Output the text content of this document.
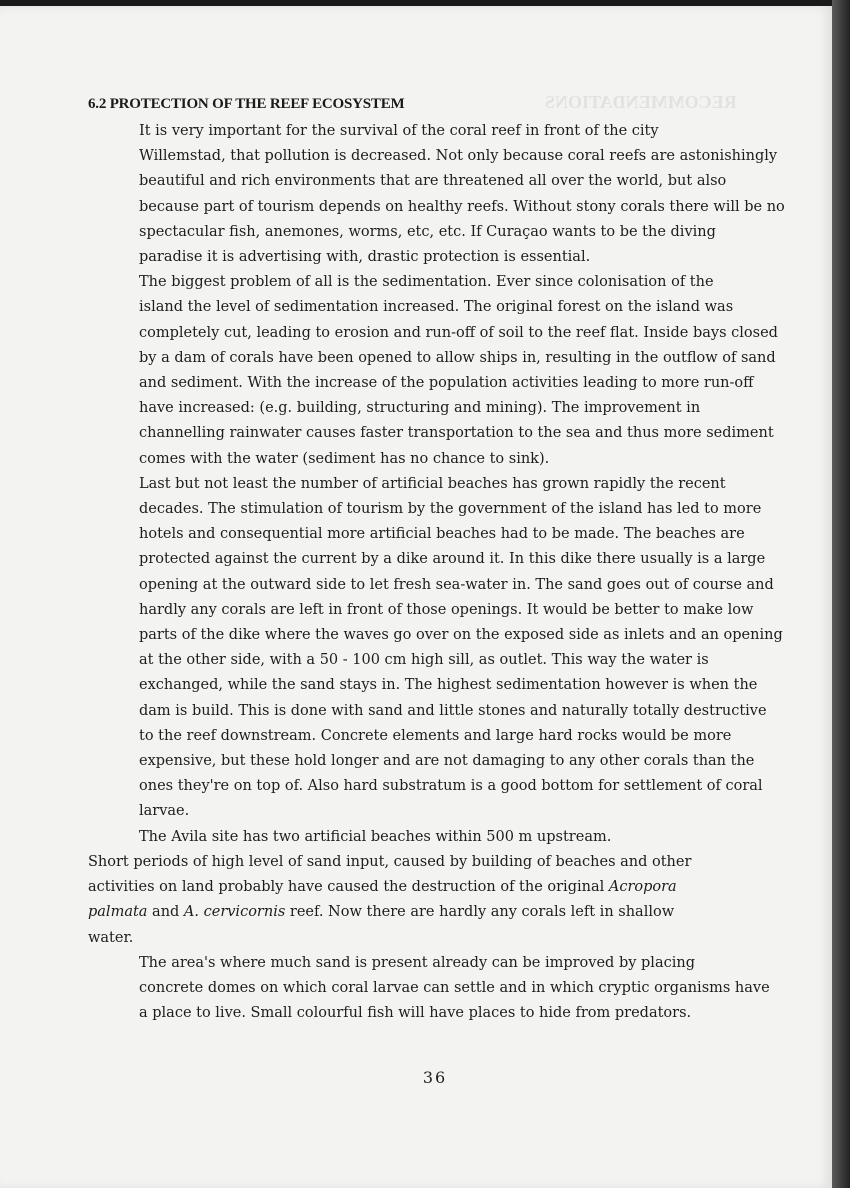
RECOMMENDATIONS
6.2 PROTECTION OF THE REEF ECOSYSTEM

It is very important for the survival of the coral reef in front of the city
Willemstad, that pollution is decreased. Not only because coral reefs are astonishingly
beautiful and rich environments that are threatened all over the world, but also
because part of tourism depends on healthy reefs. Without stony corals there will be no
spectacular fish, anemones, worms, etc, etc. If Curaçao wants to be the diving
paradise it is advertising with, drastic protection is essential.

The biggest problem of all is the sedimentation. Ever since colonisation of the
island the level of sedimentation increased. The original forest on the island was
completely cut, leading to erosion and run-off of soil to the reef flat. Inside bays closed
by a dam of corals have been opened to allow ships in, resulting in the outflow of sand
and sediment. With the increase of the population activities leading to more run-off
have increased: (e.g. building, structuring and mining). The improvement in
channelling rainwater causes faster transportation to the sea and thus more sediment
comes with the water (sediment has no chance to sink).

Last but not least the number of artificial beaches has grown rapidly the recent
decades. The stimulation of tourism by the government of the island has led to more
hotels and consequential more artificial beaches had to be made. The beaches are
protected against the current by a dike around it. In this dike there usually is a large
opening at the outward side to let fresh sea-water in. The sand goes out of course and
hardly any corals are left in front of those openings. It would be better to make low
parts of the dike where the waves go over on the exposed side as inlets and an opening
at the other side, with a 50 - 100 cm high sill, as outlet. This way the water is
exchanged, while the sand stays in. The highest sedimentation however is when the
dam is build. This is done with sand and little stones and naturally totally destructive
to the reef downstream. Concrete elements and large hard rocks would be more
expensive, but these hold longer and are not damaging to any other corals than the
ones they're on top of. Also hard substratum is a good bottom for settlement of coral
larvae.

The Avila site has two artificial beaches within 500 m upstream.

Short periods of high level of sand input, caused by building of beaches and other
activities on land probably have caused the destruction of the original Acropora
palmata and A. cervicornis reef. Now there are hardly any corals left in shallow
water.

The area's where much sand is present already can be improved by placing
concrete domes on which coral larvae can settle and in which cryptic organisms have
a place to live. Small colourful fish will have places to hide from predators.

36
